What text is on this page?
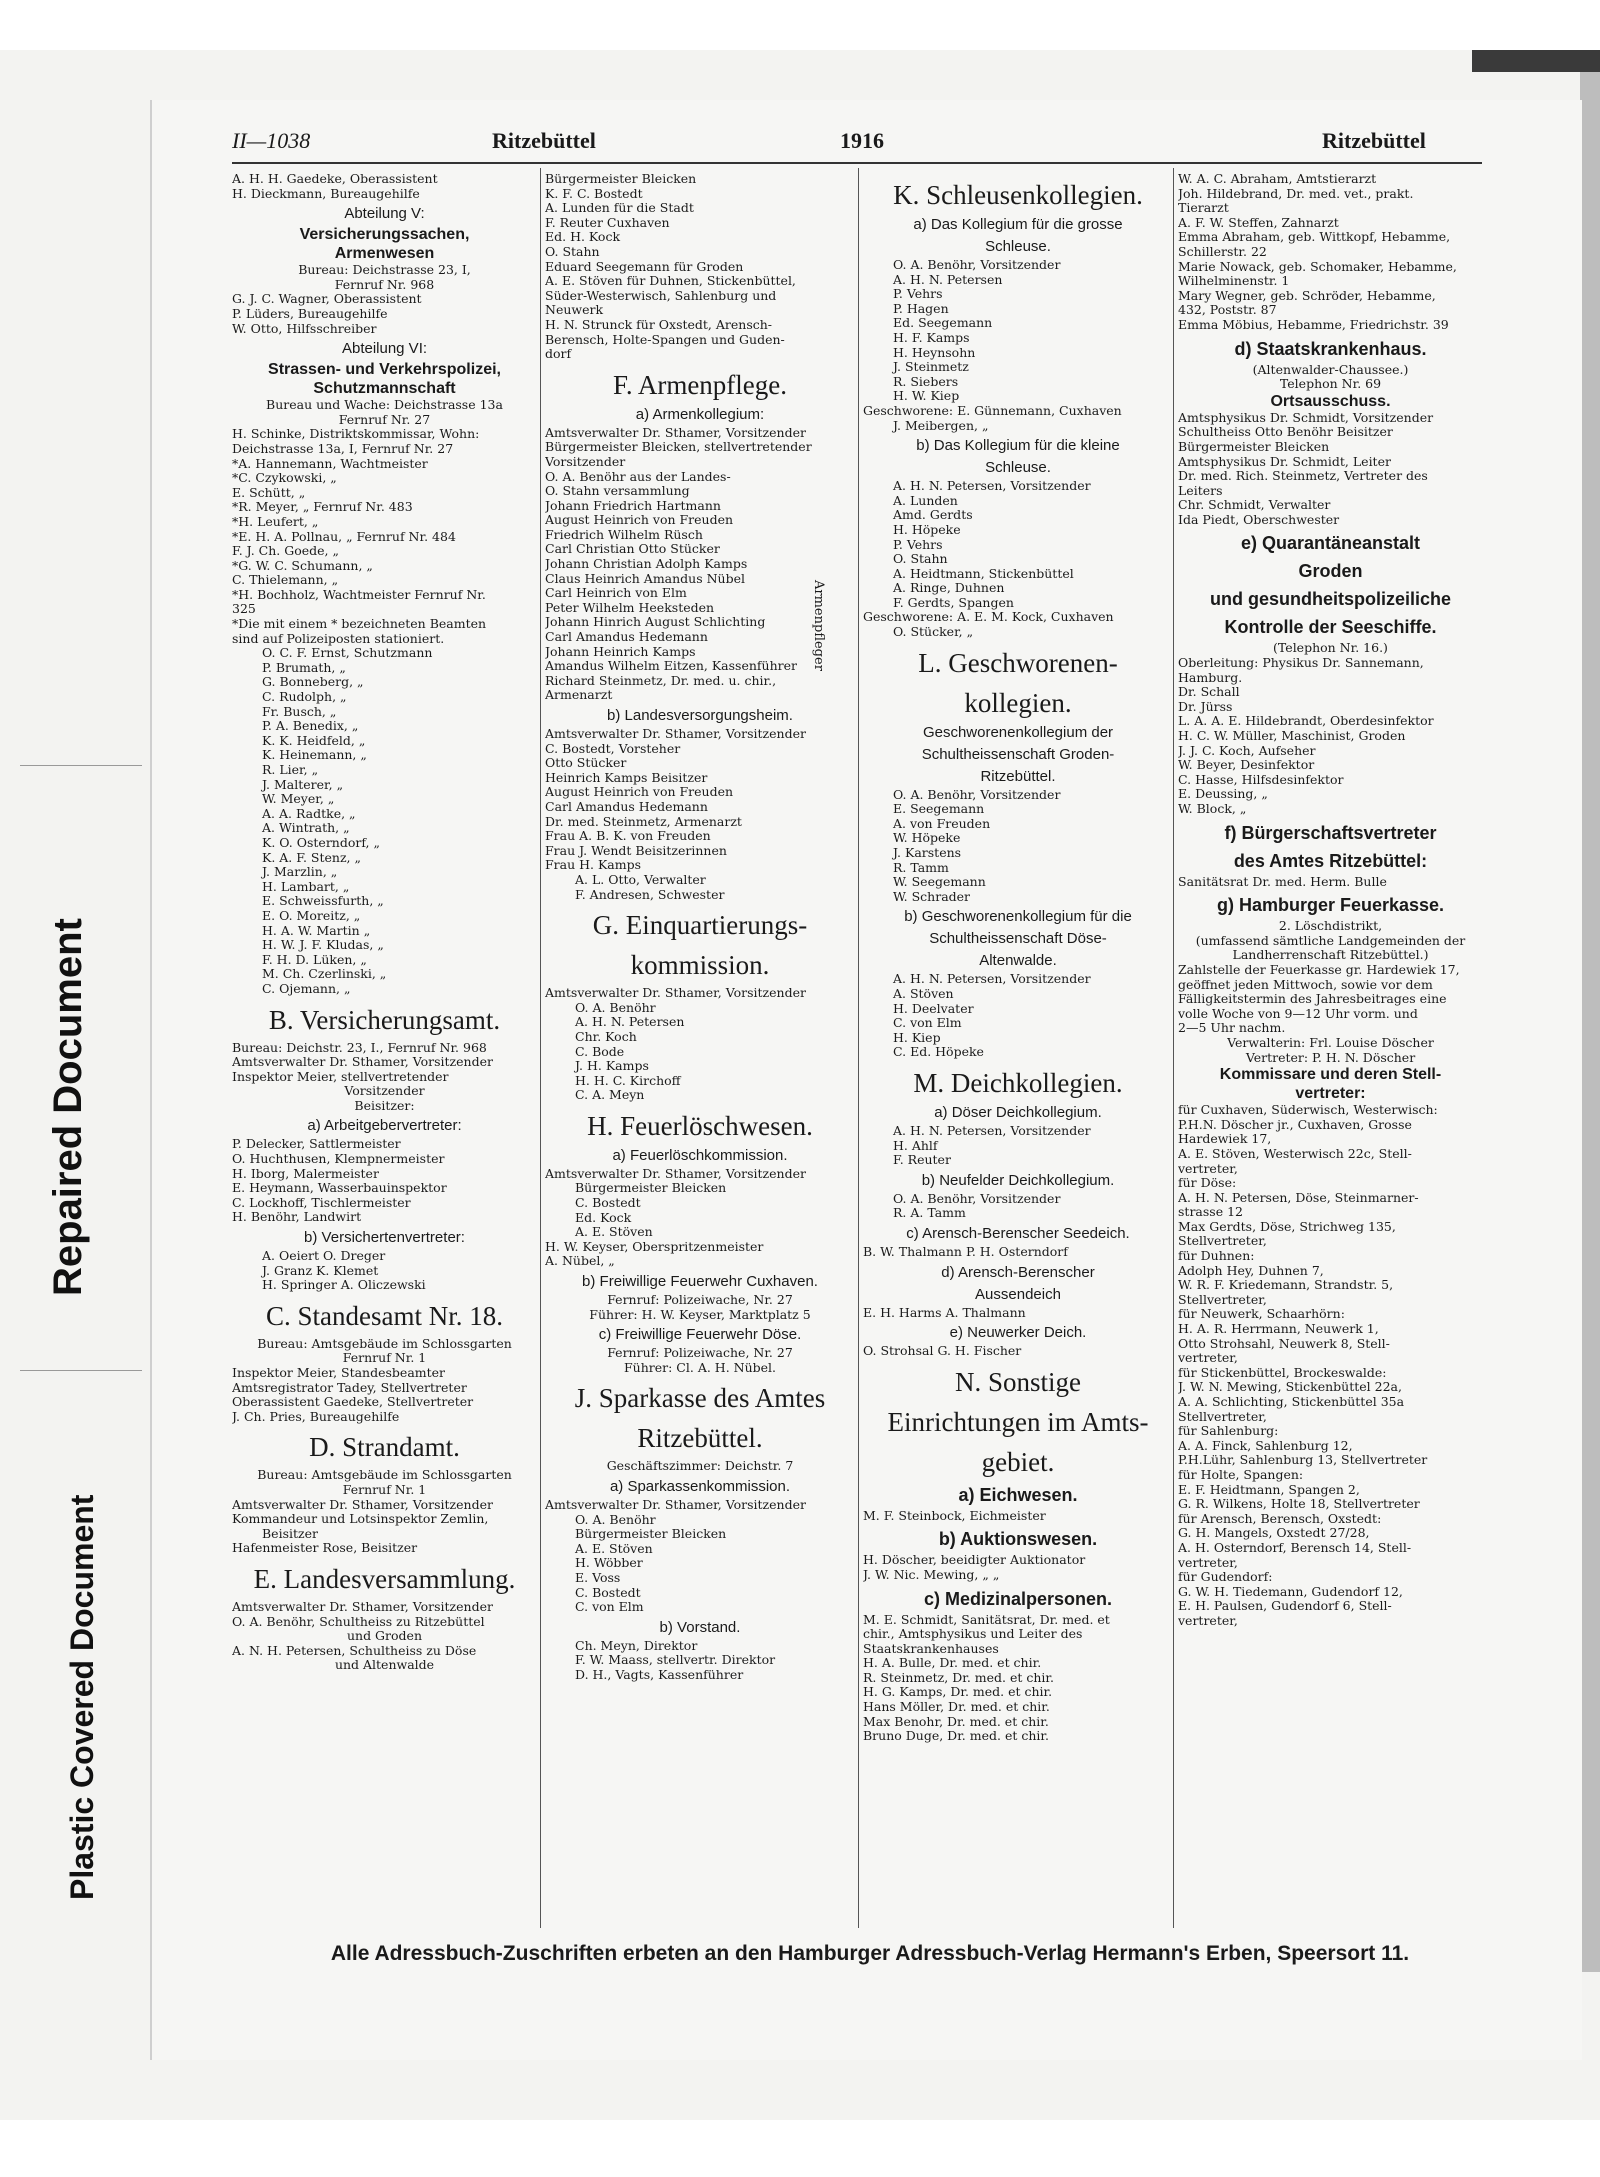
Repaired Document
Plastic Covered Document
II—1038	Ritzebüttel	1916	Ritzebüttel
A. H. H. Gaedeke, Oberassistent
H. Dieckmann, Bureaugehilfe
Abteilung V:
Versicherungssachen,
Armenwesen
Bureau: Deichstrasse 23, I,
Fernruf Nr. 968
G. J. C. Wagner, Oberassistent
P. Lüders, Bureaugehilfe
W. Otto, Hilfsschreiber
Abteilung VI:
Strassen- und Verkehrspolizei,
Schutzmannschaft
Bureau und Wache: Deichstrasse 13a
Fernruf Nr. 27
H. Schinke, Distriktskommissar, Wohn:
Deichstrasse 13a, I, Fernruf Nr. 27
*A. Hannemann, Wachtmeister
*C. Czykowski, „
E. Schütt, „
*R. Meyer, „ Fernruf Nr. 483
*H. Leufert, „
*E. H. A. Pollnau, „ Fernruf Nr. 484
F. J. Ch. Goede, „
*G. W. C. Schumann, „
C. Thielemann, „
*H. Bochholz, Wachtmeister Fernruf Nr.
325
*Die mit einem * bezeichneten Beamten
sind auf Polizeiposten stationiert.
O. C. F. Ernst, Schutzmann
P. Brumath, „
G. Bonneberg, „
C. Rudolph, „
Fr. Busch, „
P. A. Benedix, „
K. K. Heidfeld, „
K. Heinemann, „
R. Lier, „
J. Malterer, „
W. Meyer, „
A. A. Radtke, „
A. Wintrath, „
K. O. Osterndorf, „
K. A. F. Stenz, „
J. Marzlin, „
H. Lambart, „
E. Schweissfurth, „
E. O. Moreitz, „
H. A. W. Martin „
H. W. J. F. Kludas, „
F. H. D. Lüken, „
M. Ch. Czerlinski, „
C. Ojemann, „
B. Versicherungsamt.
Bureau: Deichstr. 23, I., Fernruf Nr. 968
Amtsverwalter Dr. Sthamer, Vorsitzender
Inspektor Meier, stellvertretender
Vorsitzender
Beisitzer:
a) Arbeitgebervertreter:
P. Delecker, Sattlermeister
O. Huchthusen, Klempnermeister
H. Iborg, Malermeister
E. Heymann, Wasserbauinspektor
C. Lockhoff, Tischlermeister
H. Benöhr, Landwirt
b) Versichertenvertreter:
A. Oeiert O. Dreger
J. Granz K. Klemet
H. Springer A. Oliczewski
C. Standesamt Nr. 18.
Bureau: Amtsgebäude im Schlossgarten
Fernruf Nr. 1
Inspektor Meier, Standesbeamter
Amtsregistrator Tadey, Stellvertreter
Oberassistent Gaedeke, Stellvertreter
J. Ch. Pries, Bureaugehilfe
D. Strandamt.
Bureau: Amtsgebäude im Schlossgarten
Fernruf Nr. 1
Amtsverwalter Dr. Sthamer, Vorsitzender
Kommandeur und Lotsinspektor Zemlin,
Beisitzer
Hafenmeister Rose, Beisitzer
E. Landesversammlung.
Amtsverwalter Dr. Sthamer, Vorsitzender
O. A. Benöhr, Schultheiss zu Ritzebüttel
und Groden
A. N. H. Petersen, Schultheiss zu Döse
und Altenwalde
Bürgermeister Bleicken
K. F. C. Bostedt
A. Lunden für die Stadt
F. Reuter Cuxhaven
Ed. H. Kock
O. Stahn
Eduard Seegemann für Groden
A. E. Stöven für Duhnen, Stickenbüttel,
Süder-Westerwisch, Sahlenburg und
Neuwerk
H. N. Strunck für Oxstedt, Arensch-
Berensch, Holte-Spangen und Guden-
dorf
F. Armenpflege.
a) Armenkollegium:
Amtsverwalter Dr. Sthamer, Vorsitzender
Bürgermeister Bleicken, stellvertretender
Vorsitzender
O. A. Benöhr aus der Landes-
O. Stahn versammlung
Johann Friedrich Hartmann
August Heinrich von Freuden
Friedrich Wilhelm Rüsch
Carl Christian Otto Stücker
Johann Christian Adolph Kamps
Claus Heinrich Amandus Nübel
Carl Heinrich von Elm
Peter Wilhelm Heeksteden
Johann Hinrich August Schlichting
Carl Amandus Hedemann
Johann Heinrich Kamps
Amandus Wilhelm Eitzen, Kassenführer
Richard Steinmetz, Dr. med. u. chir.,
Armenarzt
b) Landesversorgungsheim.
Amtsverwalter Dr. Sthamer, Vorsitzender
C. Bostedt, Vorsteher
Otto Stücker
Heinrich Kamps Beisitzer
August Heinrich von Freuden
Carl Amandus Hedemann
Dr. med. Steinmetz, Armenarzt
Frau A. B. K. von Freuden
Frau J. Wendt Beisitzerinnen
Frau H. Kamps
A. L. Otto, Verwalter
F. Andresen, Schwester
G. Einquartierungs-
kommission.
Amtsverwalter Dr. Sthamer, Vorsitzender
O. A. Benöhr
A. H. N. Petersen
Chr. Koch
C. Bode
J. H. Kamps
H. H. C. Kirchoff
C. A. Meyn
H. Feuerlöschwesen.
a) Feuerlöschkommission.
Amtsverwalter Dr. Sthamer, Vorsitzender
Bürgermeister Bleicken
C. Bostedt
Ed. Kock
A. E. Stöven
H. W. Keyser, Oberspritzenmeister
A. Nübel, „
b) Freiwillige Feuerwehr Cuxhaven.
Fernruf: Polizeiwache, Nr. 27
Führer: H. W. Keyser, Marktplatz 5
c) Freiwillige Feuerwehr Döse.
Fernruf: Polizeiwache, Nr. 27
Führer: Cl. A. H. Nübel.
J. Sparkasse des Amtes
Ritzebüttel.
Geschäftszimmer: Deichstr. 7
a) Sparkassenkommission.
Amtsverwalter Dr. Sthamer, Vorsitzender
O. A. Benöhr
Bürgermeister Bleicken
A. E. Stöven
H. Wöbber
E. Voss
C. Bostedt
C. von Elm
b) Vorstand.
Ch. Meyn, Direktor
F. W. Maass, stellvertr. Direktor
D. H., Vagts, Kassenführer
K. Schleusenkollegien.
a) Das Kollegium für die grosse
Schleuse.
O. A. Benöhr, Vorsitzender
A. H. N. Petersen
P. Vehrs
P. Hagen
Ed. Seegemann
H. F. Kamps
H. Heynsohn
J. Steinmetz
R. Siebers
H. W. Kiep
Geschworene: E. Günnemann, Cuxhaven
J. Meibergen, „
b) Das Kollegium für die kleine
Schleuse.
A. H. N. Petersen, Vorsitzender
A. Lunden
Amd. Gerdts
H. Höpeke
P. Vehrs
O. Stahn
A. Heidtmann, Stickenbüttel
A. Ringe, Duhnen
F. Gerdts, Spangen
Geschworene: A. E. M. Kock, Cuxhaven
O. Stücker, „
L. Geschworenen-
kollegien.
Geschworenenkollegium der
Schultheissenschaft Groden-
Ritzebüttel.
O. A. Benöhr, Vorsitzender
E. Seegemann
A. von Freuden
W. Höpeke
J. Karstens
R. Tamm
W. Seegemann
W. Schrader
b) Geschworenenkollegium für die
Schultheissenschaft Döse-
Altenwalde.
A. H. N. Petersen, Vorsitzender
A. Stöven
H. Deelvater
C. von Elm
H. Kiep
C. Ed. Höpeke
M. Deichkollegien.
a) Döser Deichkollegium.
A. H. N. Petersen, Vorsitzender
H. Ahlf
F. Reuter
b) Neufelder Deichkollegium.
O. A. Benöhr, Vorsitzender
R. A. Tamm
c) Arensch-Berenscher Seedeich.
B. W. Thalmann P. H. Osterndorf
d) Arensch-Berenscher
Aussendeich
E. H. Harms A. Thalmann
e) Neuwerker Deich.
O. Strohsal G. H. Fischer
N. Sonstige
Einrichtungen im Amts-
gebiet.
a) Eichwesen.
M. F. Steinbock, Eichmeister
b) Auktionswesen.
H. Döscher, beeidigter Auktionator
J. W. Nic. Mewing, „ „
c) Medizinalpersonen.
M. E. Schmidt, Sanitätsrat, Dr. med. et
chir., Amtsphysikus und Leiter des
Staatskrankenhauses
H. A. Bulle, Dr. med. et chir.
R. Steinmetz, Dr. med. et chir.
H. G. Kamps, Dr. med. et chir.
Hans Möller, Dr. med. et chir.
Max Benohr, Dr. med. et chir.
Bruno Duge, Dr. med. et chir.
W. A. C. Abraham, Amtstierarzt
Joh. Hildebrand, Dr. med. vet., prakt.
Tierarzt
A. F. W. Steffen, Zahnarzt
Emma Abraham, geb. Wittkopf, Hebamme,
Schillerstr. 22
Marie Nowack, geb. Schomaker, Hebamme,
Wilhelminenstr. 1
Mary Wegner, geb. Schröder, Hebamme,
432, Poststr. 87
Emma Möbius, Hebamme, Friedrichstr. 39
d) Staatskrankenhaus.
(Altenwalder-Chaussee.)
Telephon Nr. 69
Ortsausschuss.
Amtsphysikus Dr. Schmidt, Vorsitzender
Schultheiss Otto Benöhr Beisitzer
Bürgermeister Bleicken
Amtsphysikus Dr. Schmidt, Leiter
Dr. med. Rich. Steinmetz, Vertreter des
Leiters
Chr. Schmidt, Verwalter
Ida Piedt, Oberschwester
e) Quarantäneanstalt
Groden
und gesundheitspolizeiliche
Kontrolle der Seeschiffe.
(Telephon Nr. 16.)
Oberleitung: Physikus Dr. Sannemann,
Hamburg.
Dr. Schall
Dr. Jürss
L. A. A. E. Hildebrandt, Oberdesinfektor
H. C. W. Müller, Maschinist, Groden
J. J. C. Koch, Aufseher
W. Beyer, Desinfektor
C. Hasse, Hilfsdesinfektor
E. Deussing, „
W. Block, „
f) Bürgerschaftsvertreter
des Amtes Ritzebüttel:
Sanitätsrat Dr. med. Herm. Bulle
g) Hamburger Feuerkasse.
2. Löschdistrikt,
(umfassend sämtliche Landgemeinden der
Landherrenschaft Ritzebüttel.)
Zahlstelle der Feuerkasse gr. Hardewiek 17,
geöffnet jeden Mittwoch, sowie vor dem
Fälligkeitstermin des Jahresbeitrages eine
volle Woche von 9—12 Uhr vorm. und
2—5 Uhr nachm.
Verwalterin: Frl. Louise Döscher
Vertreter: P. H. N. Döscher
Kommissare und deren Stell-
vertreter:
für Cuxhaven, Süderwisch, Westerwisch:
P.H.N. Döscher jr., Cuxhaven, Grosse
Hardewiek 17,
A. E. Stöven, Westerwisch 22c, Stell-
vertreter,
für Döse:
A. H. N. Petersen, Döse, Steinmarner-
strasse 12
Max Gerdts, Döse, Strichweg 135,
Stellvertreter,
für Duhnen:
Adolph Hey, Duhnen 7,
W. R. F. Kriedemann, Strandstr. 5,
Stellvertreter,
für Neuwerk, Schaarhörn:
H. A. R. Herrmann, Neuwerk 1,
Otto Strohsahl, Neuwerk 8, Stell-
vertreter,
für Stickenbüttel, Brockeswalde:
J. W. N. Mewing, Stickenbüttel 22a,
A. A. Schlichting, Stickenbüttel 35a
Stellvertreter,
für Sahlenburg:
A. A. Finck, Sahlenburg 12,
P.H.Lühr, Sahlenburg 13, Stellvertreter
für Holte, Spangen:
E. F. Heidtmann, Spangen 2,
G. R. Wilkens, Holte 18, Stellvertreter
für Arensch, Berensch, Oxstedt:
G. H. Mangels, Oxstedt 27/28,
A. H. Osterndorf, Berensch 14, Stell-
vertreter,
für Gudendorf:
G. W. H. Tiedemann, Gudendorf 12,
E. H. Paulsen, Gudendorf 6, Stell-
vertreter,
Armenpfleger
Alle Adressbuch-Zuschriften erbeten an den Hamburger Adressbuch-Verlag Hermann's Erben, Speersort 11.
